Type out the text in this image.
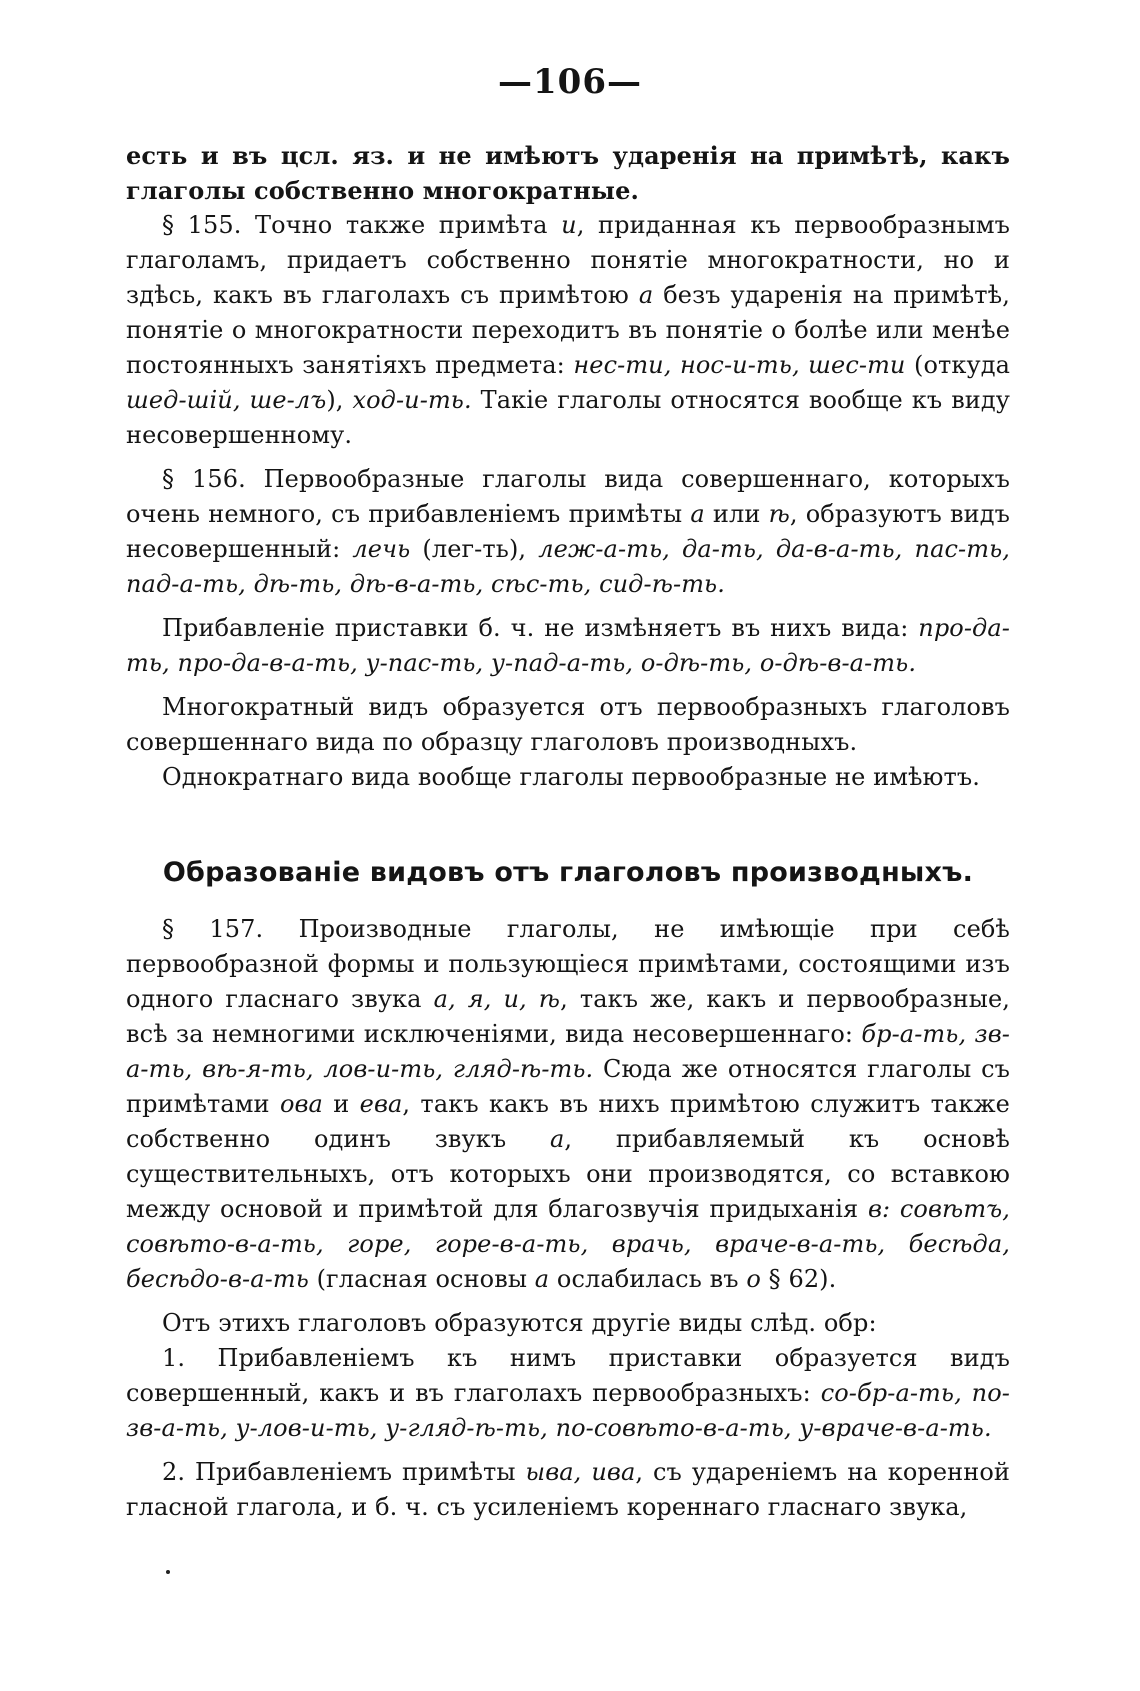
—106—

есть и въ цсл. яз. и не имѣютъ ударенія на примѣтѣ, какъ глаголы собственно многократные.

§ 155. Точно также примѣта и, приданная къ первообразнымъ глаголамъ, придаетъ собственно понятіе многократности, но и здѣсь, какъ въ глаголахъ съ примѣтою а безъ ударенія на примѣтѣ, понятіе о многократности переходитъ въ понятіе о болѣе или менѣе постоянныхъ занятіяхъ предмета: нес-ти, нос-и-ть, шес-ти (откуда шед-шій, ше-лъ), ход-и-ть. Такіе глаголы относятся вообще къ виду несовершенному.

§ 156. Первообразные глаголы вида совершеннаго, которыхъ очень немного, съ прибавленіемъ примѣты а или ѣ, образуютъ видъ несовершенный: лечь (лег-ть), леж-а-ть, да-ть, да-в-а-ть, пас-ть, пад-а-ть, дѣ-ть, дѣ-в-а-ть, сѣс-ть, сид-ѣ-ть.

Прибавленіе приставки б. ч. не измѣняетъ въ нихъ вида: про-да-ть, про-да-в-а-ть, у-пас-ть, у-пад-а-ть, о-дѣ-ть, о-дѣ-в-а-ть.

Многократный видъ образуется отъ первообразныхъ глаголовъ совершеннаго вида по образцу глаголовъ производныхъ.

Однократнаго вида вообще глаголы первообразные не имѣютъ.

Образованіе видовъ отъ глаголовъ производныхъ.

§ 157. Производные глаголы, не имѣющіе при себѣ первообразной формы и пользующіеся примѣтами, состоящими изъ одного гласнаго звука а, я, и, ѣ, такъ же, какъ и первообразные, всѣ за немногими исключеніями, вида несовершеннаго: бр-а-ть, зв-а-ть, вѣ-я-ть, лов-и-ть, гляд-ѣ-ть. Сюда же относятся глаголы съ примѣтами ова и ева, такъ какъ въ нихъ примѣтою служитъ также собственно одинъ звукъ а, прибавляемый къ основѣ существительныхъ, отъ которыхъ они производятся, со вставкою между основой и примѣтой для благозвучія придыханія в: совѣтъ, совѣто-в-а-ть, горе, горе-в-а-ть, врачь, враче-в-а-ть, бесѣда, бесѣдо-в-а-ть (гласная основы а ослабилась въ о § 62).

Отъ этихъ глаголовъ образуются другіе виды слѣд. обр:

1. Прибавленіемъ къ нимъ приставки образуется видъ совершенный, какъ и въ глаголахъ первообразныхъ: со-бр-а-ть, по-зв-а-ть, у-лов-и-ть, у-гляд-ѣ-ть, по-совѣто-в-а-ть, у-враче-в-а-ть.

2. Прибавленіемъ примѣты ыва, ива, съ удареніемъ на коренной гласной глагола, и б. ч. съ усиленіемъ кореннаго гласнаго звука,
